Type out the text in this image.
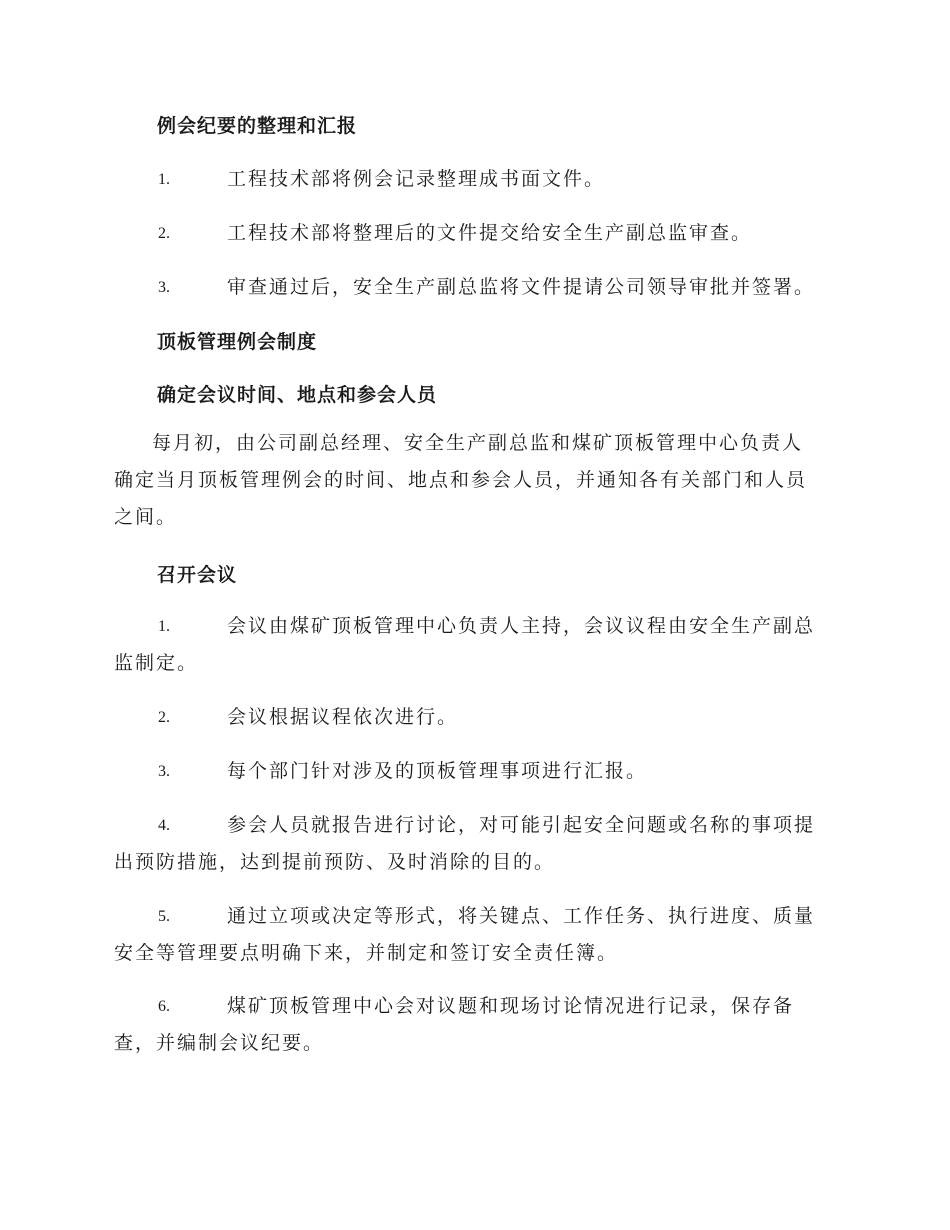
例会纪要的整理和汇报
1.	工程技术部将例会记录整理成书面文件。
2.	工程技术部将整理后的文件提交给安全生产副总监审查。
3.	审查通过后，安全生产副总监将文件提请公司领导审批并签署。
顶板管理例会制度
确定会议时间、地点和参会人员
每月初，由公司副总经理、安全生产副总监和煤矿顶板管理中心负责人
确定当月顶板管理例会的时间、地点和参会人员，并通知各有关部门和人员
之间。
召开会议
1.	会议由煤矿顶板管理中心负责人主持，会议议程由安全生产副总
监制定。
2.	会议根据议程依次进行。
3.	每个部门针对涉及的顶板管理事项进行汇报。
4.	参会人员就报告进行讨论，对可能引起安全问题或名称的事项提
出预防措施，达到提前预防、及时消除的目的。
5.	通过立项或决定等形式，将关键点、工作任务、执行进度、质量
安全等管理要点明确下来，并制定和签订安全责任簿。
6.	煤矿顶板管理中心会对议题和现场讨论情况进行记录，保存备
查，并编制会议纪要。
